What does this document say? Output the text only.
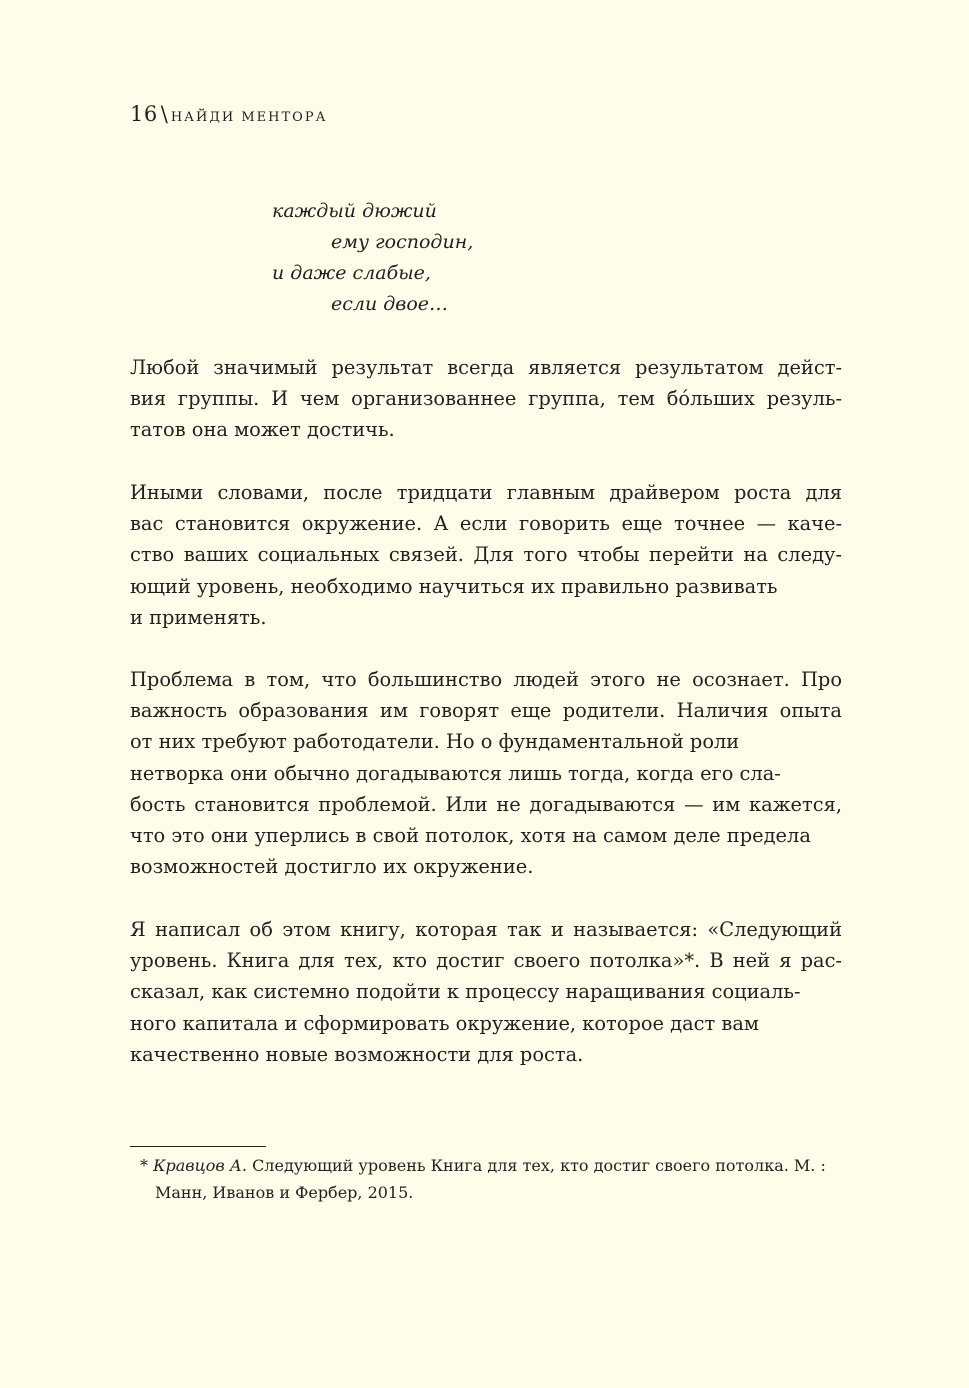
16 \ НАЙДИ МЕНТОРА
каждый дюжий
ему господин,
и даже слабые,
если двое…
Любой значимый результат всегда является результатом дейст-
вия группы. И чем организованнее группа, тем бóльших резуль-
татов она может достичь.
Иными словами, после тридцати главным драйвером роста для
вас становится окружение. А если говорить еще точнее — каче-
ство ваших социальных связей. Для того чтобы перейти на следу-
ющий уровень, необходимо научиться их правильно развивать
и применять.
Проблема в том, что большинство людей этого не осознает. Про
важность образования им говорят еще родители. Наличия опыта
от них требуют работодатели. Но о фундаментальной роли
нетворка они обычно догадываются лишь тогда, когда его сла-
бость становится проблемой. Или не догадываются — им кажется,
что это они уперлись в свой потолок, хотя на самом деле предела
возможностей достигло их окружение.
Я написал об этом книгу, которая так и называется: «Следующий
уровень. Книга для тех, кто достиг своего потолка»*. В ней я рас-
сказал, как системно подойти к процессу наращивания социаль-
ного капитала и сформировать окружение, которое даст вам
качественно новые возможности для роста.
* Кравцов А. Следующий уровень Книга для тех, кто достиг своего потолка. М. :
Манн, Иванов и Фербер, 2015.
